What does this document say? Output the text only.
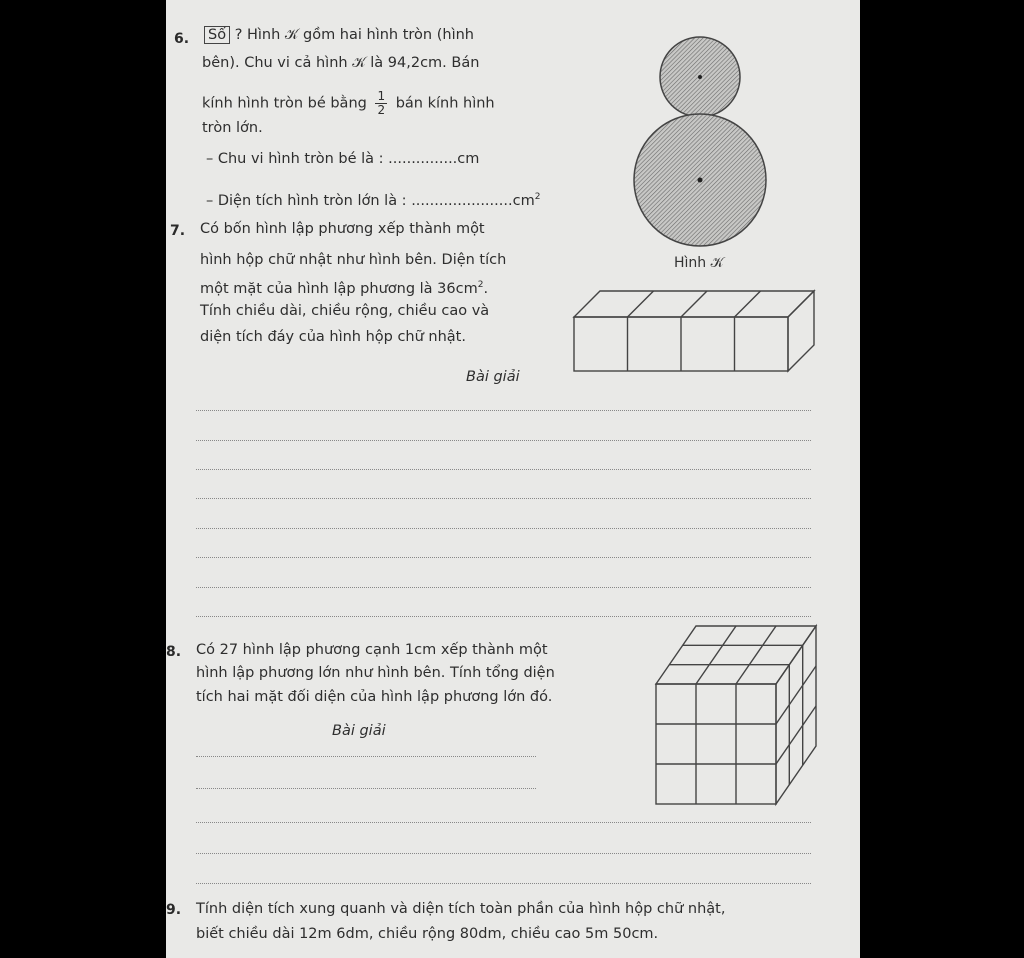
6. Số ? Hình 𝒦 gồm hai hình tròn (hình
bên). Chu vi cả hình 𝒦 là 94,2cm. Bán
kính hình tròn bé bằng $\frac{1}{2}$ bán kính hình
tròn lớn.
– Chu vi hình tròn bé là : ...............cm
– Diện tích hình tròn lớn là : $......................cm^2$
Hình 𝒦
7. Có bốn hình lập phương xếp thành một
hình hộp chữ nhật như hình bên. Diện tích
một mặt của hình lập phương là $36cm^2$.
Tính chiều dài, chiều rộng, chiều cao và
diện tích đáy của hình hộp chữ nhật.
Bài giải
8. Có 27 hình lập phương cạnh 1cm xếp thành một
hình lập phương lớn như hình bên. Tính tổng diện
tích hai mặt đối diện của hình lập phương lớn đó.
Bài giải
9. Tính diện tích xung quanh và diện tích toàn phần của hình hộp chữ nhật,
biết chiều dài 12m 6dm, chiều rộng 80dm, chiều cao 5m 50cm.
